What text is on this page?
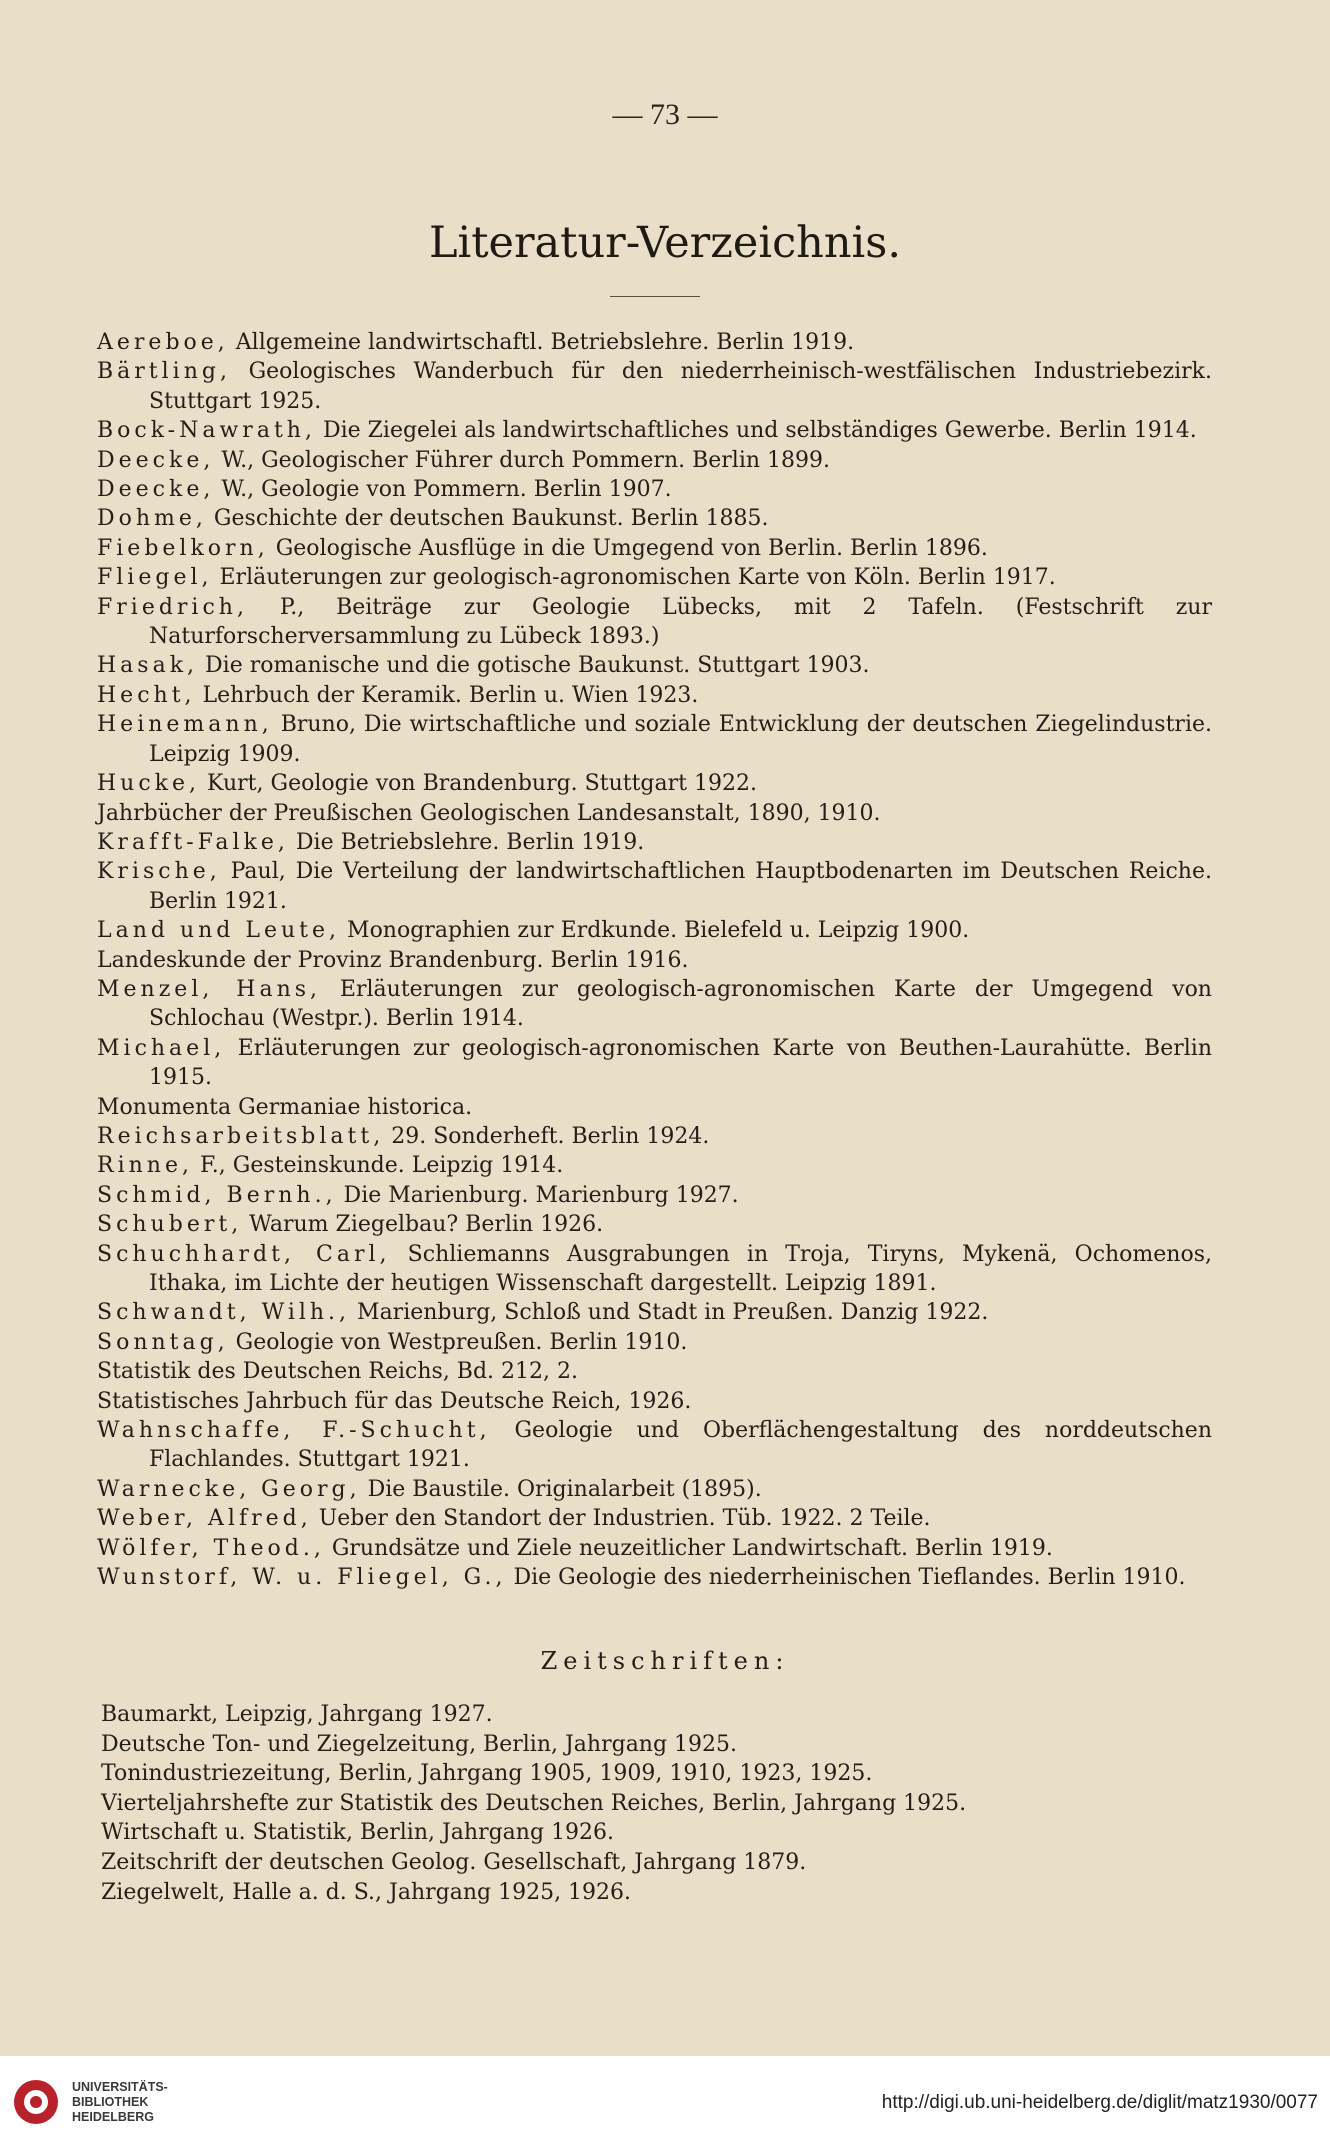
— 73 —
Literatur-Verzeichnis.
Aereboe, Allgemeine landwirtschaftl. Betriebslehre. Berlin 1919.
Bärtling, Geologisches Wanderbuch für den niederrheinisch-westfälischen Industriebezirk. Stuttgart 1925.
Bock-Nawrath, Die Ziegelei als landwirtschaftliches und selbständiges Gewerbe. Berlin 1914.
Deecke, W., Geologischer Führer durch Pommern. Berlin 1899.
Deecke, W., Geologie von Pommern. Berlin 1907.
Dohme, Geschichte der deutschen Baukunst. Berlin 1885.
Fiebelkorn, Geologische Ausflüge in die Umgegend von Berlin. Berlin 1896.
Fliegel, Erläuterungen zur geologisch-agronomischen Karte von Köln. Berlin 1917.
Friedrich, P., Beiträge zur Geologie Lübecks, mit 2 Tafeln. (Festschrift zur Naturforscherversammlung zu Lübeck 1893.)
Hasak, Die romanische und die gotische Baukunst. Stuttgart 1903.
Hecht, Lehrbuch der Keramik. Berlin u. Wien 1923.
Heinemann, Bruno, Die wirtschaftliche und soziale Entwicklung der deutschen Ziegelindustrie. Leipzig 1909.
Hucke, Kurt, Geologie von Brandenburg. Stuttgart 1922.
Jahrbücher der Preußischen Geologischen Landesanstalt, 1890, 1910.
Krafft-Falke, Die Betriebslehre. Berlin 1919.
Krische, Paul, Die Verteilung der landwirtschaftlichen Hauptbodenarten im Deutschen Reiche. Berlin 1921.
Land und Leute, Monographien zur Erdkunde. Bielefeld u. Leipzig 1900.
Landeskunde der Provinz Brandenburg. Berlin 1916.
Menzel, Hans, Erläuterungen zur geologisch-agronomischen Karte der Umgegend von Schlochau (Westpr.). Berlin 1914.
Michael, Erläuterungen zur geologisch-agronomischen Karte von Beuthen-Laurahütte. Berlin 1915.
Monumenta Germaniae historica.
Reichsarbeitsblatt, 29. Sonderheft. Berlin 1924.
Rinne, F., Gesteinskunde. Leipzig 1914.
Schmid, Bernh., Die Marienburg. Marienburg 1927.
Schubert, Warum Ziegelbau? Berlin 1926.
Schuchhardt, Carl, Schliemanns Ausgrabungen in Troja, Tiryns, Mykenä, Ochomenos, Ithaka, im Lichte der heutigen Wissenschaft dargestellt. Leipzig 1891.
Schwandt, Wilh., Marienburg, Schloß und Stadt in Preußen. Danzig 1922.
Sonntag, Geologie von Westpreußen. Berlin 1910.
Statistik des Deutschen Reichs, Bd. 212, 2.
Statistisches Jahrbuch für das Deutsche Reich, 1926.
Wahnschaffe, F.-Schucht, Geologie und Oberflächengestaltung des norddeutschen Flachlandes. Stuttgart 1921.
Warnecke, Georg, Die Baustile. Originalarbeit (1895).
Weber, Alfred, Ueber den Standort der Industrien. Tüb. 1922. 2 Teile.
Wölfer, Theod., Grundsätze und Ziele neuzeitlicher Landwirtschaft. Berlin 1919.
Wunstorf, W. u. Fliegel, G., Die Geologie des niederrheinischen Tieflandes. Berlin 1910.
Zeitschriften:
Baumarkt, Leipzig, Jahrgang 1927.
Deutsche Ton- und Ziegelzeitung, Berlin, Jahrgang 1925.
Tonindustriezeitung, Berlin, Jahrgang 1905, 1909, 1910, 1923, 1925.
Vierteljahrshefte zur Statistik des Deutschen Reiches, Berlin, Jahrgang 1925.
Wirtschaft u. Statistik, Berlin, Jahrgang 1926.
Zeitschrift der deutschen Geolog. Gesellschaft, Jahrgang 1879.
Ziegelwelt, Halle a. d. S., Jahrgang 1925, 1926.
UNIVERSITÄTS-
BIBLIOTHEK
HEIDELBERG
http://digi.ub.uni-heidelberg.de/diglit/matz1930/0077
